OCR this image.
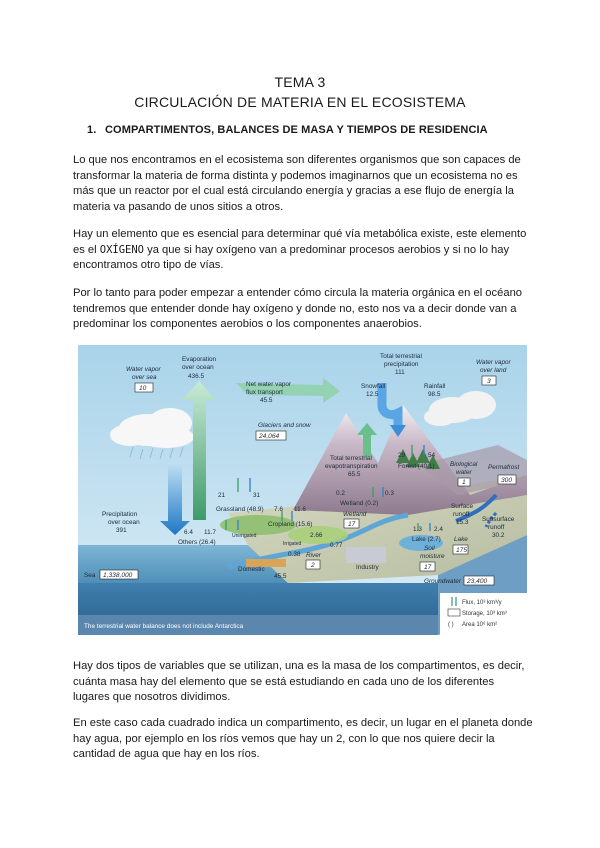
TEMA 3
CIRCULACIÓN DE MATERIA EN EL ECOSISTEMA
1. COMPARTIMENTOS, BALANCES DE MASA Y TIEMPOS DE RESIDENCIA

Lo que nos encontramos en el ecosistema son diferentes organismos que son capaces de transformar la materia de forma distinta y podemos imaginarnos que un ecosistema no es más que un reactor por el cual está circulando energía y gracias a ese flujo de energía la materia va pasando de unos sitios a otros.

Hay un elemento que es esencial para determinar qué vía metabólica existe, este elemento es el OXÍGENO ya que si hay oxígeno van a predominar procesos aerobios y si no lo hay encontramos otro tipo de vías.

Por lo tanto para poder empezar a entender cómo circula la materia orgánica en el océano tendremos que entender donde hay oxígeno y donde no, esto nos va a decir donde van a predominar los componentes aerobios o los componentes anaerobios.

The terrestrial water balance does not include Antarctica
Water vapor
over sea
10
Evaporation
over ocean
436.5
Net water vapor
flux transport
45.5
Total terrestrial
precipitation
111
Snowfall
12.5
Rainfall
98.5
Water vapor
over land
3
Glaciers and snow
24,064
Total terrestrial
evapotranspiration
65.5
29	54
Forest (40.1) Biological
water
1
Permafrost
300
21	31
Grassland (48.9)
0.2	0.3
Wetland (0.2)
Wetland
17
7.6 11.6
Cropland (15.6)
6.4 11.7
Others (26.4)
Unirrigated
Irrigated
2.66
1.3 2.4
Lake (2.7) Lake
175
Surface
runoff
15.3 Subsurface
runoff
30.2
Soil
moisture
17
Precipitation
over ocean
391
Domestic
0.38
Industry
0.77
River
2
45.5
Sea 1,338,000
Groundwater 23,400
Flux, 10³ km³/y
Storage, 10³ km³
( ) Area 10⁶ km²

Hay dos tipos de variables que se utilizan, una es la masa de los compartimentos, es decir, cuánta masa hay del elemento que se está estudiando en cada uno de los diferentes lugares que nosotros dividimos.

En este caso cada cuadrado indica un compartimento, es decir, un lugar en el planeta donde hay agua, por ejemplo en los ríos vemos que hay un 2, con lo que nos quiere decir la cantidad de agua que hay en los ríos.
